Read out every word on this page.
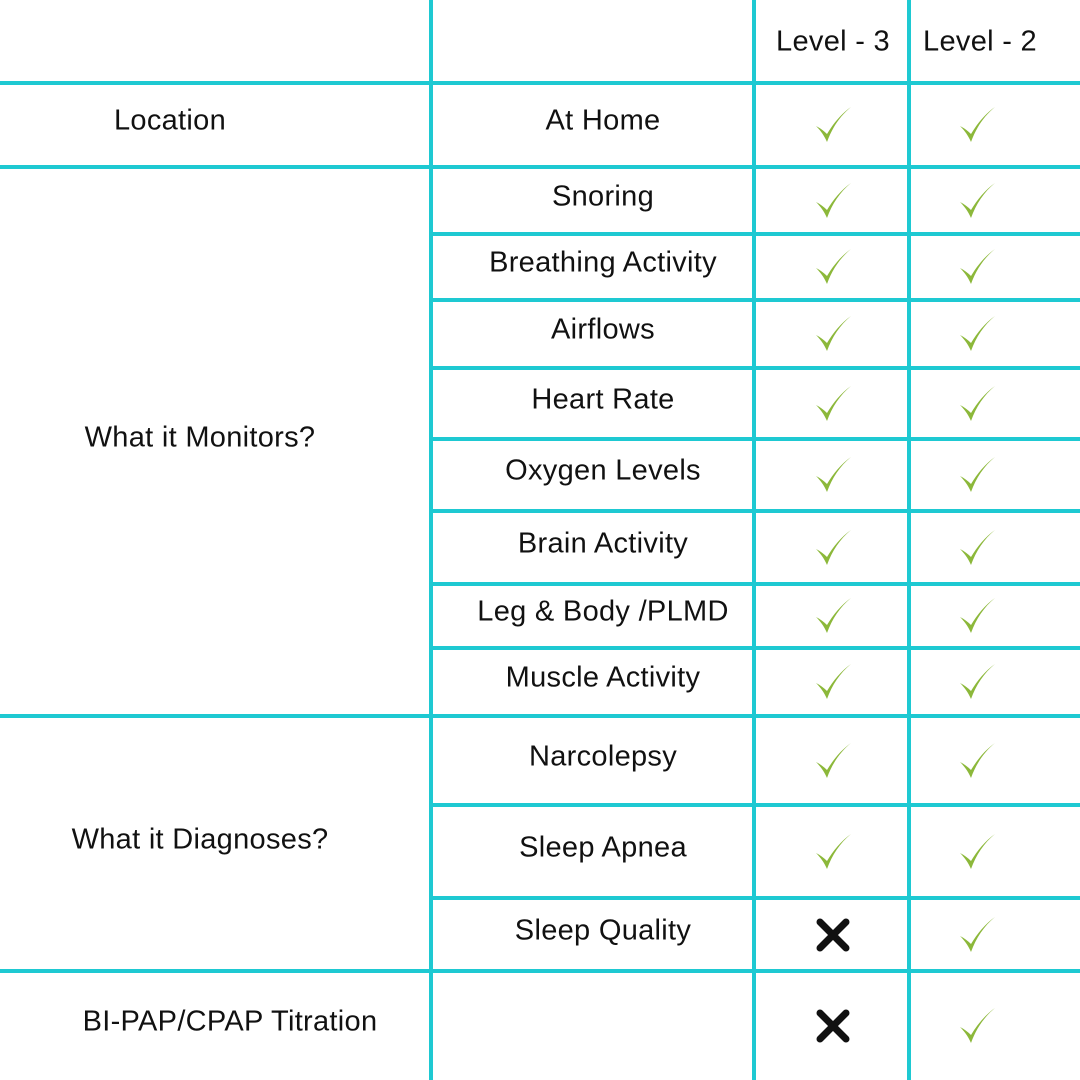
Level - 3 Level - 2
At Home
Snoring
Breathing Activity
Airflows
Heart Rate
Oxygen Levels
Brain Activity
Leg & Body /PLMD
Muscle Activity
Narcolepsy
Sleep Apnea
Sleep Quality
Location
What it Monitors?
What it Diagnoses?
BI-PAP/CPAP Titration
